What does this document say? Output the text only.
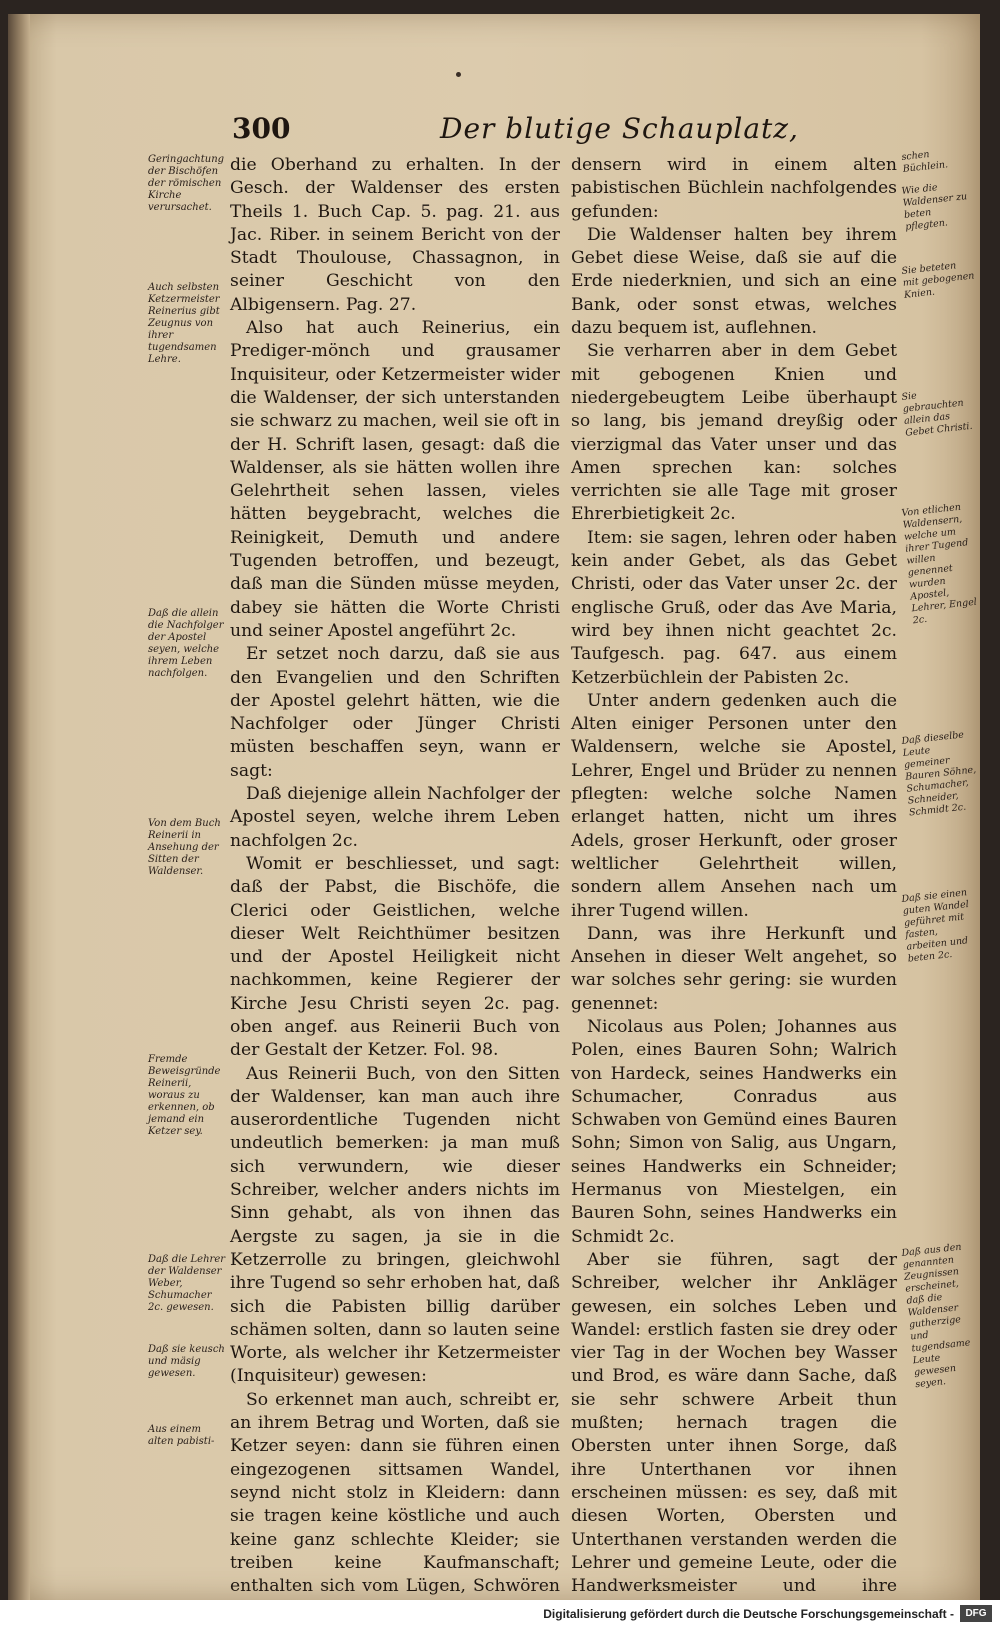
300	Der blutige Schauplatz,
Geringachtung der Bischöfen der römischen Kirche verursachet.
Auch selbsten Ketzermeister Reinerius gibt Zeugnus von ihrer tugendsamen Lehre.
Daß die allein die Nachfolger der Apostel seyen, welche ihrem Leben nachfolgen.
Von dem Buch Reinerii in Ansehung der Sitten der Waldenser.
Fremde Beweisgründe Reinerii, woraus zu erkennen, ob jemand ein Ketzer sey.
Daß die Lehrer der Waldenser Weber, Schumacher 2c. gewesen.
Daß sie keusch und mäsig gewesen.
Aus einem alten pabisti-

die Oberhand zu erhalten. In der Gesch. der Waldenser des ersten Theils 1. Buch Cap. 5. pag. 21. aus Jac. Riber. in seinem Bericht von der Stadt Thoulouse, Chassagnon, in seiner Geschicht von den Albigensern. Pag. 27.

Also hat auch Reinerius, ein Prediger-mönch und grausamer Inquisiteur, oder Ketzermeister wider die Waldenser, der sich unterstanden sie schwarz zu machen, weil sie oft in der H. Schrift lasen, gesagt: daß die Waldenser, als sie hätten wollen ihre Gelehrtheit sehen lassen, vieles hätten beygebracht, welches die Reinigkeit, Demuth und andere Tugenden betroffen, und bezeugt, daß man die Sünden müsse meyden, dabey sie hätten die Worte Christi und seiner Apostel angeführt 2c.

Er setzet noch darzu, daß sie aus den Evangelien und den Schriften der Apostel gelehrt hätten, wie die Nachfolger oder Jünger Christi müsten beschaffen seyn, wann er sagt:

Daß diejenige allein Nachfolger der Apostel seyen, welche ihrem Leben nachfolgen 2c.

Womit er beschliesset, und sagt: daß der Pabst, die Bischöfe, die Clerici oder Geistlichen, welche dieser Welt Reichthümer besitzen und der Apostel Heiligkeit nicht nachkommen, keine Regierer der Kirche Jesu Christi seyen 2c. pag. oben angef. aus Reinerii Buch von der Gestalt der Ketzer. Fol. 98.

Aus Reinerii Buch, von den Sitten der Waldenser, kan man auch ihre auserordentliche Tugenden nicht undeutlich bemerken: ja man muß sich verwundern, wie dieser Schreiber, welcher anders nichts im Sinn gehabt, als von ihnen das Aergste zu sagen, ja sie in die Ketzerrolle zu bringen, gleichwohl ihre Tugend so sehr erhoben hat, daß sich die Pabisten billig darüber schämen solten, dann so lauten seine Worte, als welcher ihr Ketzermeister (Inquisiteur) gewesen:

So erkennet man auch, schreibt er, an ihrem Betrag und Worten, daß sie Ketzer seyen: dann sie führen einen eingezogenen sittsamen Wandel, seynd nicht stolz in Kleidern: dann sie tragen keine köstliche und auch keine ganz schlechte Kleider; sie treiben keine Kaufmanschaft; enthalten sich vom Lügen, Schwören

densern wird in einem alten pabistischen Büchlein nachfolgendes gefunden:

Die Waldenser halten bey ihrem Gebet diese Weise, daß sie auf die Erde niederknien, und sich an eine Bank, oder sonst etwas, welches dazu bequem ist, auflehnen.

Sie verharren aber in dem Gebet mit gebogenen Knien und niedergebeugtem Leibe überhaupt so lang, bis jemand dreyßig oder vierzigmal das Vater unser und das Amen sprechen kan: solches verrichten sie alle Tage mit groser Ehrerbietigkeit 2c.

Item: sie sagen, lehren oder haben kein ander Gebet, als das Gebet Christi, oder das Vater unser 2c. der englische Gruß, oder das Ave Maria, wird bey ihnen nicht geachtet 2c. Taufgesch. pag. 647. aus einem Ketzerbüchlein der Pabisten 2c.

Unter andern gedenken auch die Alten einiger Personen unter den Waldensern, welche sie Apostel, Lehrer, Engel und Brüder zu nennen pflegten: welche solche Namen erlanget hatten, nicht um ihres Adels, groser Herkunft, oder groser weltlicher Gelehrtheit willen, sondern allem Ansehen nach um ihrer Tugend willen.

Dann, was ihre Herkunft und Ansehen in dieser Welt angehet, so war solches sehr gering: sie wurden genennet:

Nicolaus aus Polen; Johannes aus Polen, eines Bauren Sohn; Walrich von Hardeck, seines Handwerks ein Schumacher, Conradus aus Schwaben von Gemünd eines Bauren Sohn; Simon von Salig, aus Ungarn, seines Handwerks ein Schneider; Hermanus von Miestelgen, ein Bauren Sohn, seines Handwerks ein Schmidt 2c.

Aber sie führen, sagt der Schreiber, welcher ihr Ankläger gewesen, ein solches Leben und Wandel: erstlich fasten sie drey oder vier Tag in der Wochen bey Wasser und Brod, es wäre dann Sache, daß sie sehr schwere Arbeit thun mußten; hernach tragen die Obersten unter ihnen Sorge, daß ihre Unterthanen vor ihnen erscheinen müssen: es sey, daß mit diesen Worten, Obersten und Unterthanen verstanden werden die Lehrer und gemeine Leute, oder die Handwerksmeister und ihre

schen Büchlein.
Wie die Waldenser zu beten pflegten.
Sie beteten mit gebogenen Knien.
Sie gebrauchten allein das Gebet Christi.
Von etlichen Waldensern, welche um ihrer Tugend willen genennet wurden Apostel, Lehrer, Engel 2c.
Daß dieselbe Leute gemeiner Bauren Söhne, Schumacher, Schneider, Schmidt 2c.
Daß sie einen guten Wandel geführet mit fasten, arbeiten und beten 2c.
Daß aus den genannten Zeugnissen erscheinet, daß die Waldenser gutherzige und tugendsame Leute gewesen seyen.
Digitalisierung gefördert durch die Deutsche Forschungsgemeinschaft -	DFG
